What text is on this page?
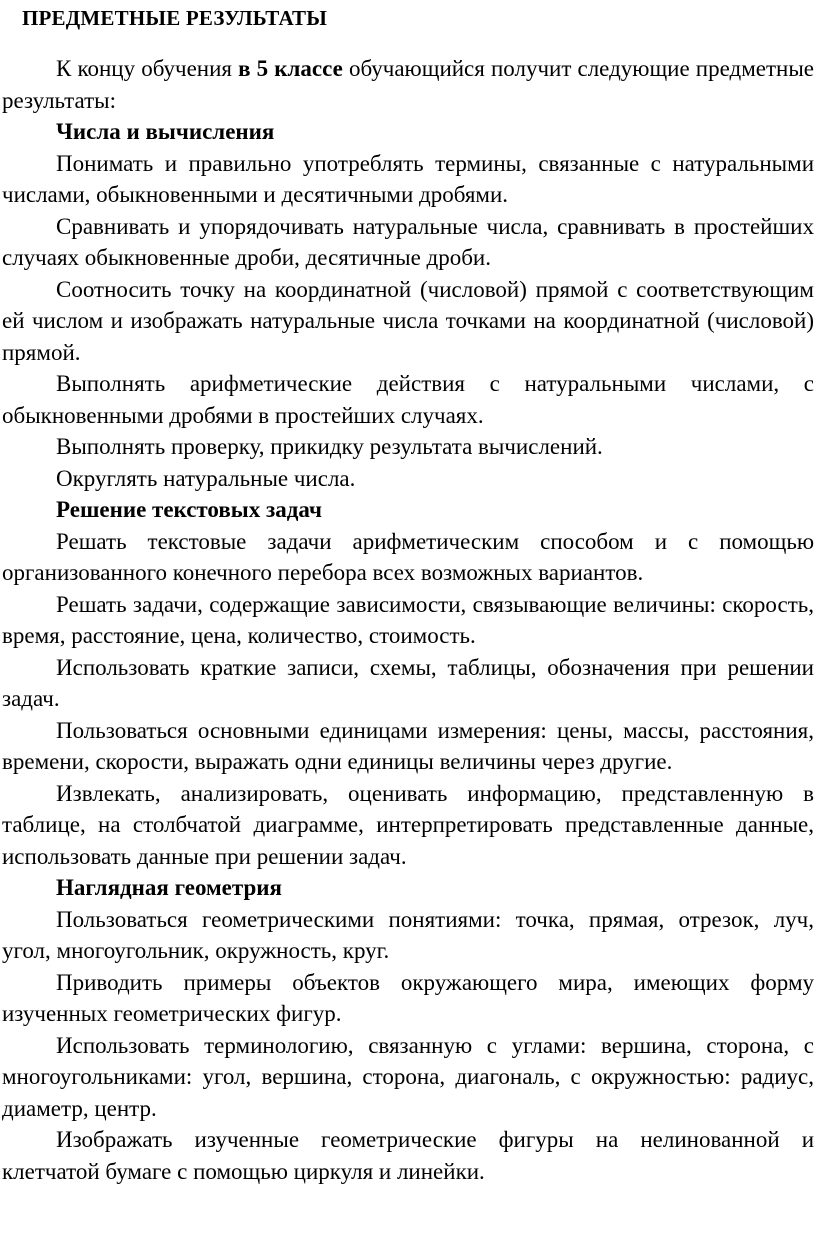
ПРЕДМЕТНЫЕ РЕЗУЛЬТАТЫ

К концу обучения в 5 классе обучающийся получит следующие предметные результаты:

Числа и вычисления

Понимать и правильно употреблять термины, связанные с натуральными числами, обыкновенными и десятичными дробями.

Сравнивать и упорядочивать натуральные числа, сравнивать в простейших случаях обыкновенные дроби, десятичные дроби.

Соотносить точку на координатной (числовой) прямой с соответствующим ей числом и изображать натуральные числа точками на координатной (числовой) прямой.

Выполнять арифметические действия с натуральными числами, с обыкновенными дробями в простейших случаях.

Выполнять проверку, прикидку результата вычислений.

Округлять натуральные числа.

Решение текстовых задач

Решать текстовые задачи арифметическим способом и с помощью организованного конечного перебора всех возможных вариантов.

Решать задачи, содержащие зависимости, связывающие величины: скорость, время, расстояние, цена, количество, стоимость.

Использовать краткие записи, схемы, таблицы, обозначения при решении задач.

Пользоваться основными единицами измерения: цены, массы, расстояния, времени, скорости, выражать одни единицы величины через другие.

Извлекать, анализировать, оценивать информацию, представленную в таблице, на столбчатой диаграмме, интерпретировать представленные данные, использовать данные при решении задач.

Наглядная геометрия

Пользоваться геометрическими понятиями: точка, прямая, отрезок, луч, угол, многоугольник, окружность, круг.

Приводить примеры объектов окружающего мира, имеющих форму изученных геометрических фигур.

Использовать терминологию, связанную с углами: вершина, сторона, с многоугольниками: угол, вершина, сторона, диагональ, с окружностью: радиус, диаметр, центр.

Изображать изученные геометрические фигуры на нелинованной и клетчатой бумаге с помощью циркуля и линейки.
